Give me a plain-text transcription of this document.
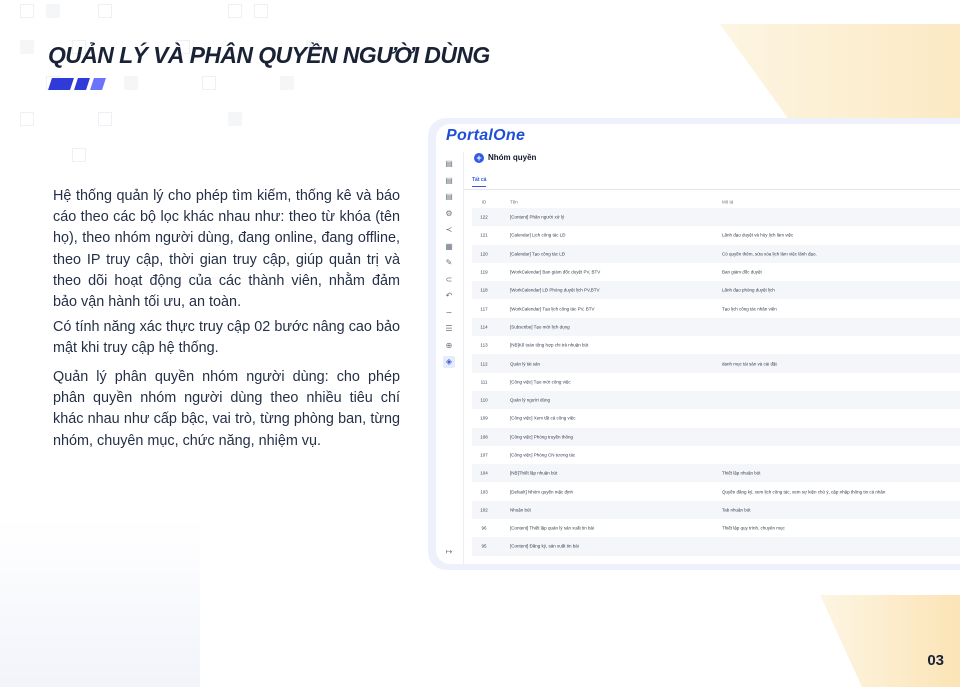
QUẢN LÝ VÀ PHÂN QUYỀN NGƯỜI DÙNG
Hệ thống quản lý cho phép tìm kiếm, thống kê và báo cáo theo các bộ lọc khác nhau như: theo từ khóa (tên họ), theo nhóm người dùng, đang online, đang offline, theo IP truy cập, thời gian truy cập, giúp quản trị và theo dõi hoạt động của các thành viên, nhằm đảm bảo vận hành tối ưu, an toàn.
Có tính năng xác thực truy cập 02 bước nâng cao bảo mật khi truy cập hệ thống.
Quản lý phân quyền nhóm người dùng: cho phép phân quyền nhóm người dùng theo nhiều tiêu chí khác nhau như cấp bậc, vai trò, từng phòng ban, từng nhóm, chuyên mục, chức năng, nhiệm vụ.
03
PortalOne
▤
▤
▤
⚙
≺
▦
✎
⊂
↶
∼
☰
⊕
◈
↦
+ Nhóm quyền
Tất cả
ID	Tên	Mô tả
122	[Content] Phân người xử lý
121	[Calendar] Lịch công tác LĐ	Lãnh đạo duyệt và hủy lịch làm việc
120	[Calendar] Tạo công tác LĐ	Có quyền thêm, sửa xóa lịch làm việc lãnh đạo.
119	[WorkCalendar] Ban giám đốc duyệt PV, BTV	Ban giám đốc duyệt
118	[WorkCalendar] LĐ Phòng duyệt lịch PV,BTV	Lãnh đạo phòng duyệt lịch
117	[WorkCalendar] Tạo lịch công tác PV, BTV	Tạo lịch công tác nhân viên
114	[Subscribe] Tạo mới lịch dụng
113	[NB]Kế toán tổng hợp chi trả nhuận bút
112	Quản lý tài sản	danh mục tài sản và cài đặt
111	[Công việc] Tạo mới công việc
110	Quản lý người dùng
109	[Công việc] Xem tất cả công việc
108	[Công việc] Phòng truyền thông
107	[Công việc] Phòng CN tương tác
104	[NB]Thiết lập nhuận bút	Thiết lập nhuận bút
103	[Default] Nhóm quyền mặc định	Quyền đăng ký, xem lịch công tác, xem sự kiện chủ ý, cập nhập thông tin cá nhân
102	Nhuận bút	Tab nhuận bút
96	[Content] Thiết lập quản lý sản xuất tin bài	Thiết lập quy trình, chuyên mục
95	[Content] Đăng ký, sản xuất tin bài
